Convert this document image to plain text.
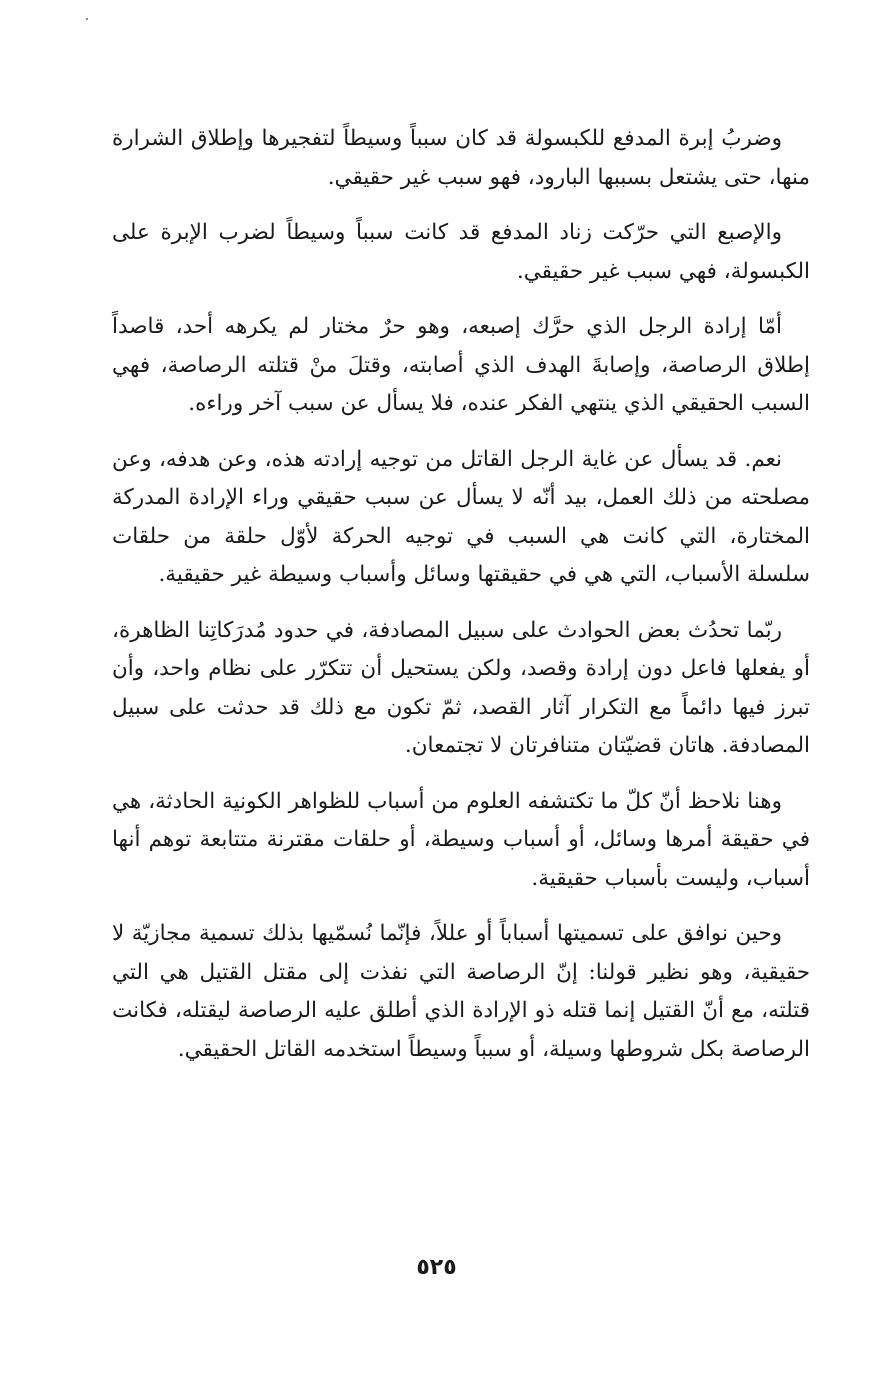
وضربُ إبرة المدفع للكبسولة قد كان سبباً وسيطاً لتفجيرها وإطلاق الشرارة منها، حتى يشتعل بسببها البارود، فهو سبب غير حقيقي.

والإصبع التي حرّكت زناد المدفع قد كانت سبباً وسيطاً لضرب الإبرة على الكبسولة، فهي سبب غير حقيقي.

أمّا إرادة الرجل الذي حرَّك إصبعه، وهو حرٌ مختار لم يكرهه أحد، قاصداً إطلاق الرصاصة، وإصابةَ الهدف الذي أصابته، وقتلَ منْ قتلته الرصاصة، فهي السبب الحقيقي الذي ينتهي الفكر عنده، فلا يسأل عن سبب آخر وراءه.

نعم. قد يسأل عن غاية الرجل القاتل من توجيه إرادته هذه، وعن هدفه، وعن مصلحته من ذلك العمل، بيد أنّه لا يسأل عن سبب حقيقي وراء الإرادة المدركة المختارة، التي كانت هي السبب في توجيه الحركة لأوّل حلقة من حلقات سلسلة الأسباب، التي هي في حقيقتها وسائل وأسباب وسيطة غير حقيقية.

ربّما تحدُث بعض الحوادث على سبيل المصادفة، في حدود مُدرَكاتِنا الظاهرة، أو يفعلها فاعل دون إرادة وقصد، ولكن يستحيل أن تتكرّر على نظام واحد، وأن تبرز فيها دائماً مع التكرار آثار القصد، ثمّ تكون مع ذلك قد حدثت على سبيل المصادفة. هاتان قضيّتان متنافرتان لا تجتمعان.

وهنا نلاحظ أنّ كلّ ما تكتشفه العلوم من أسباب للظواهر الكونية الحادثة، هي في حقيقة أمرها وسائل، أو أسباب وسيطة، أو حلقات مقترنة متتابعة توهم أنها أسباب، وليست بأسباب حقيقية.

وحين نوافق على تسميتها أسباباً أو عللاً، فإنّما نُسمّيها بذلك تسمية مجازيّة لا حقيقية، وهو نظير قولنا: إنّ الرصاصة التي نفذت إلى مقتل القتيل هي التي قتلته، مع أنّ القتيل إنما قتله ذو الإرادة الذي أطلق عليه الرصاصة ليقتله، فكانت الرصاصة بكل شروطها وسيلة، أو سبباً وسيطاً استخدمه القاتل الحقيقي.

٥٢٥
